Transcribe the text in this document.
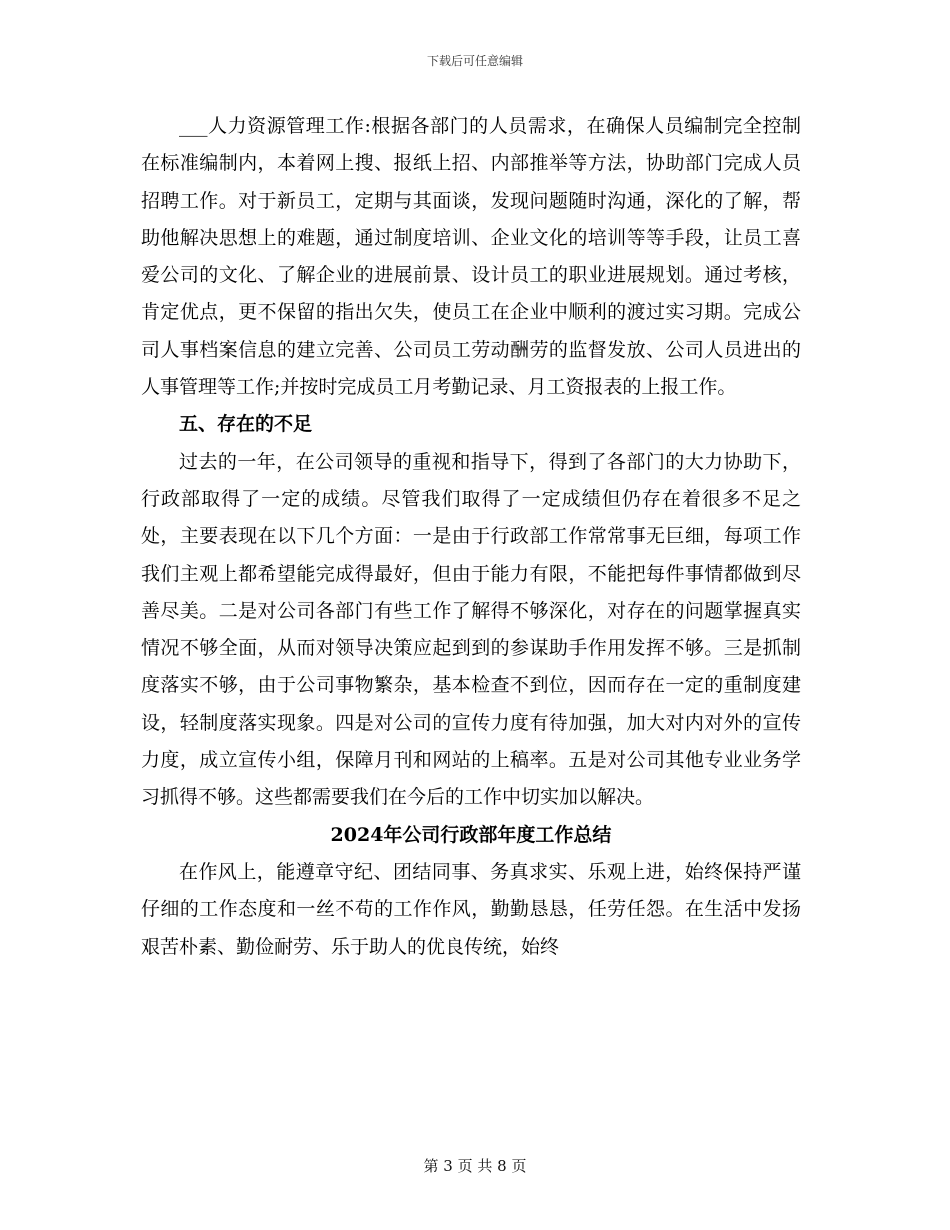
下载后可任意编辑

___人力资源管理工作:根据各部门的人员需求，在确保人员编制完全控制在标准编制内，本着网上搜、报纸上招、内部推举等方法，协助部门完成人员招聘工作。对于新员工，定期与其面谈，发现问题随时沟通，深化的了解，帮助他解决思想上的难题，通过制度培训、企业文化的培训等等手段，让员工喜爱公司的文化、了解企业的进展前景、设计员工的职业进展规划。通过考核，肯定优点，更不保留的指出欠失，使员工在企业中顺利的渡过实习期。完成公司人事档案信息的建立完善、公司员工劳动酬劳的监督发放、公司人员进出的人事管理等工作;并按时完成员工月考勤记录、月工资报表的上报工作。

五、存在的不足

过去的一年，在公司领导的重视和指导下，得到了各部门的大力协助下，行政部取得了一定的成绩。尽管我们取得了一定成绩但仍存在着很多不足之处，主要表现在以下几个方面：一是由于行政部工作常常事无巨细，每项工作我们主观上都希望能完成得最好，但由于能力有限，不能把每件事情都做到尽善尽美。二是对公司各部门有些工作了解得不够深化，对存在的问题掌握真实情况不够全面，从而对领导决策应起到到的参谋助手作用发挥不够。三是抓制度落实不够，由于公司事物繁杂，基本检查不到位，因而存在一定的重制度建设，轻制度落实现象。四是对公司的宣传力度有待加强，加大对内对外的宣传力度，成立宣传小组，保障月刊和网站的上稿率。五是对公司其他专业业务学习抓得不够。这些都需要我们在今后的工作中切实加以解决。

2024年公司行政部年度工作总结

在作风上，能遵章守纪、团结同事、务真求实、乐观上进，始终保持严谨仔细的工作态度和一丝不苟的工作作风，勤勤恳恳，任劳任怨。在生活中发扬艰苦朴素、勤俭耐劳、乐于助人的优良传统，始终

第 3 页 共 8 页
